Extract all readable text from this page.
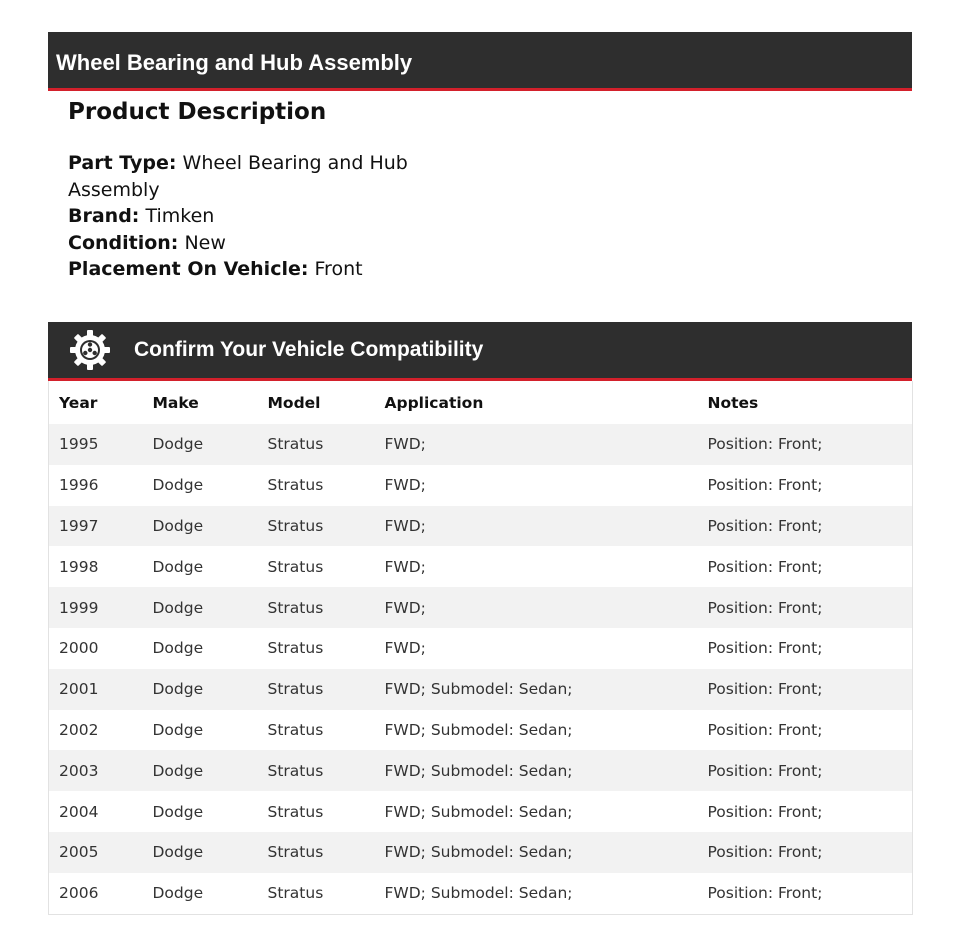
Wheel Bearing and Hub Assembly
Product Description
Part Type: Wheel Bearing and Hub Assembly
Brand: Timken
Condition: New
Placement On Vehicle: Front
Confirm Your Vehicle Compatibility
Year	Make	Model	Application	Notes
1995	Dodge	Stratus	FWD;	Position: Front;
1996	Dodge	Stratus	FWD;	Position: Front;
1997	Dodge	Stratus	FWD;	Position: Front;
1998	Dodge	Stratus	FWD;	Position: Front;
1999	Dodge	Stratus	FWD;	Position: Front;
2000	Dodge	Stratus	FWD;	Position: Front;
2001	Dodge	Stratus	FWD; Submodel: Sedan;	Position: Front;
2002	Dodge	Stratus	FWD; Submodel: Sedan;	Position: Front;
2003	Dodge	Stratus	FWD; Submodel: Sedan;	Position: Front;
2004	Dodge	Stratus	FWD; Submodel: Sedan;	Position: Front;
2005	Dodge	Stratus	FWD; Submodel: Sedan;	Position: Front;
2006	Dodge	Stratus	FWD; Submodel: Sedan;	Position: Front;
